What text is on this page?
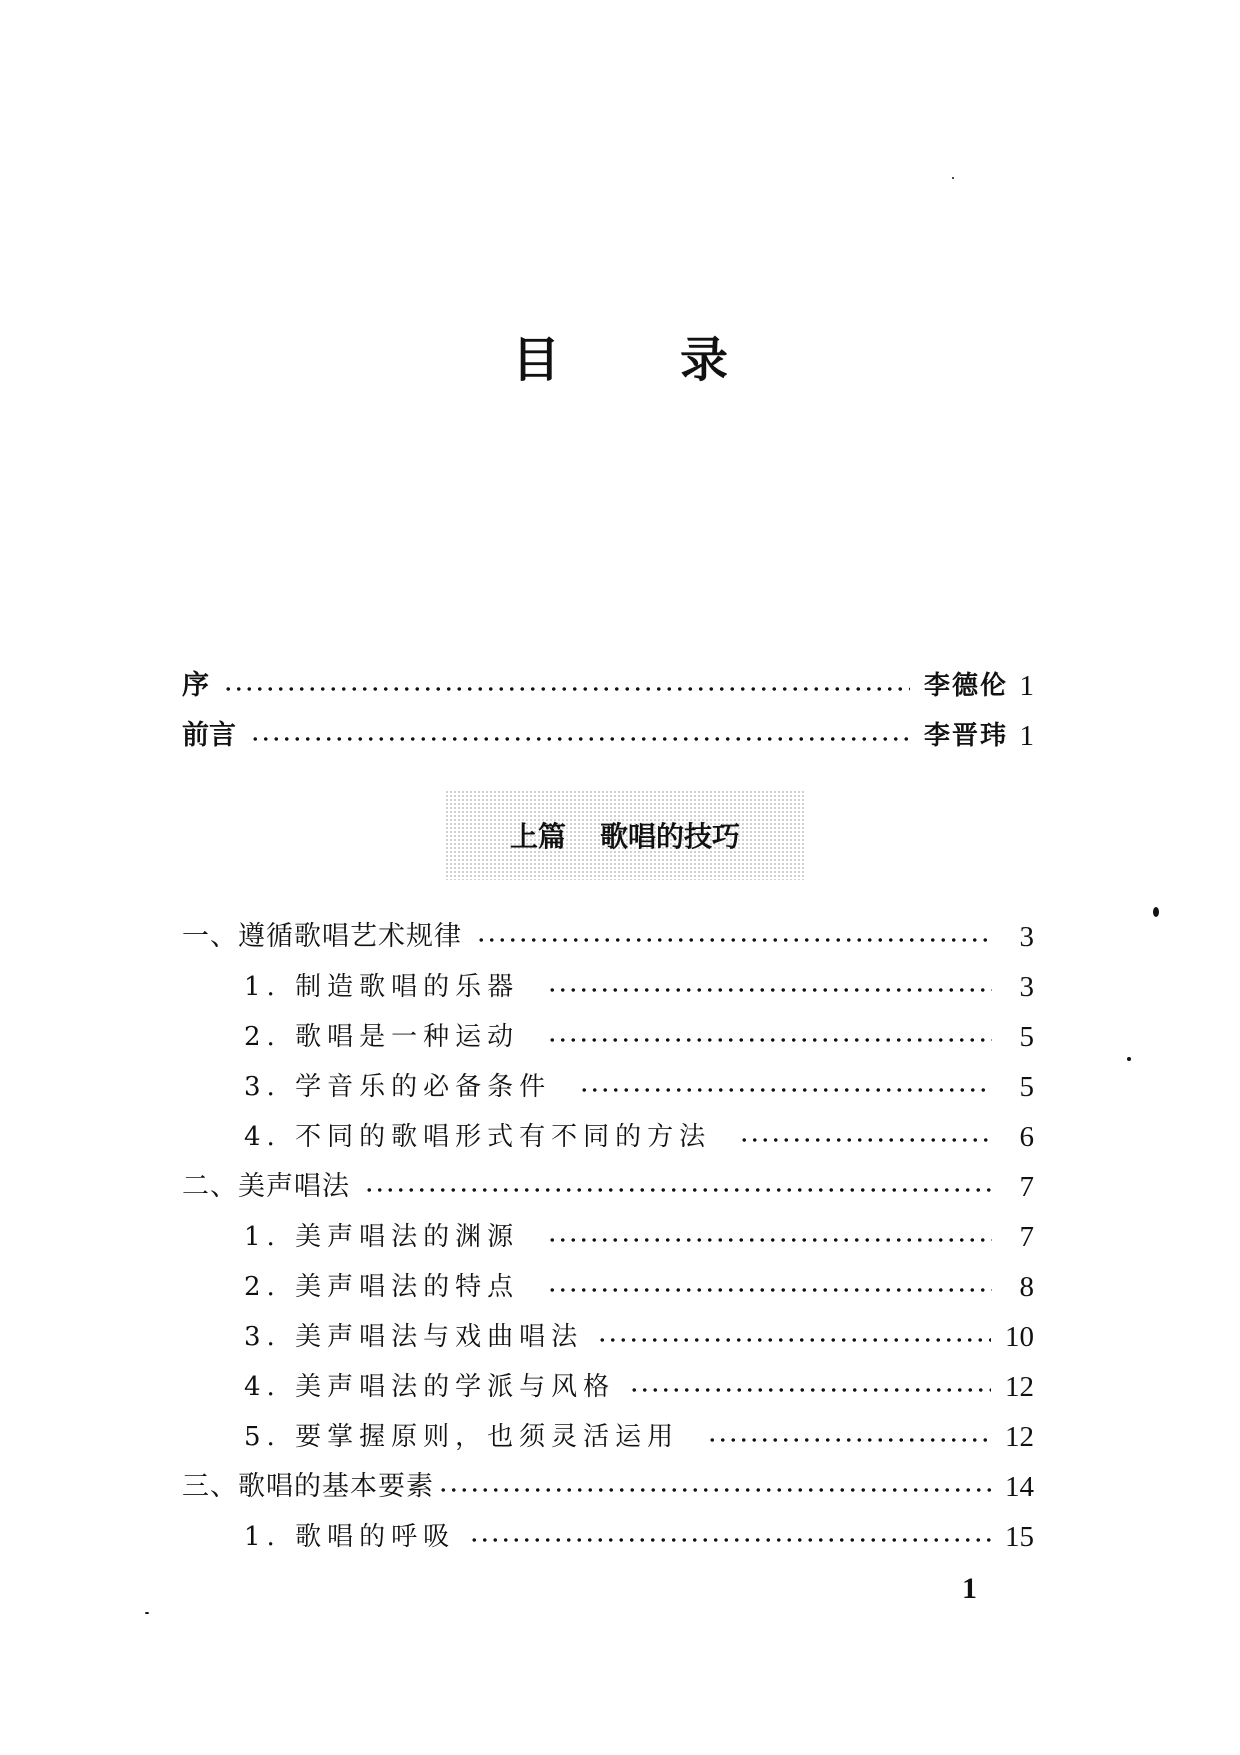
目	录
序	李德伦 1
前言	李晋玮 1
上篇 歌唱的技巧
一、遵循歌唱艺术规律	3
1. 制造歌唱的乐器	3
2. 歌唱是一种运动	5
3. 学音乐的必备条件	5
4. 不同的歌唱形式有不同的方法	6
二、美声唱法	7
1. 美声唱法的渊源	7
2. 美声唱法的特点	8
3. 美声唱法与戏曲唱法	10
4. 美声唱法的学派与风格	12
5. 要掌握原则，也须灵活运用	12
三、歌唱的基本要素	14
1. 歌唱的呼吸	15
1
